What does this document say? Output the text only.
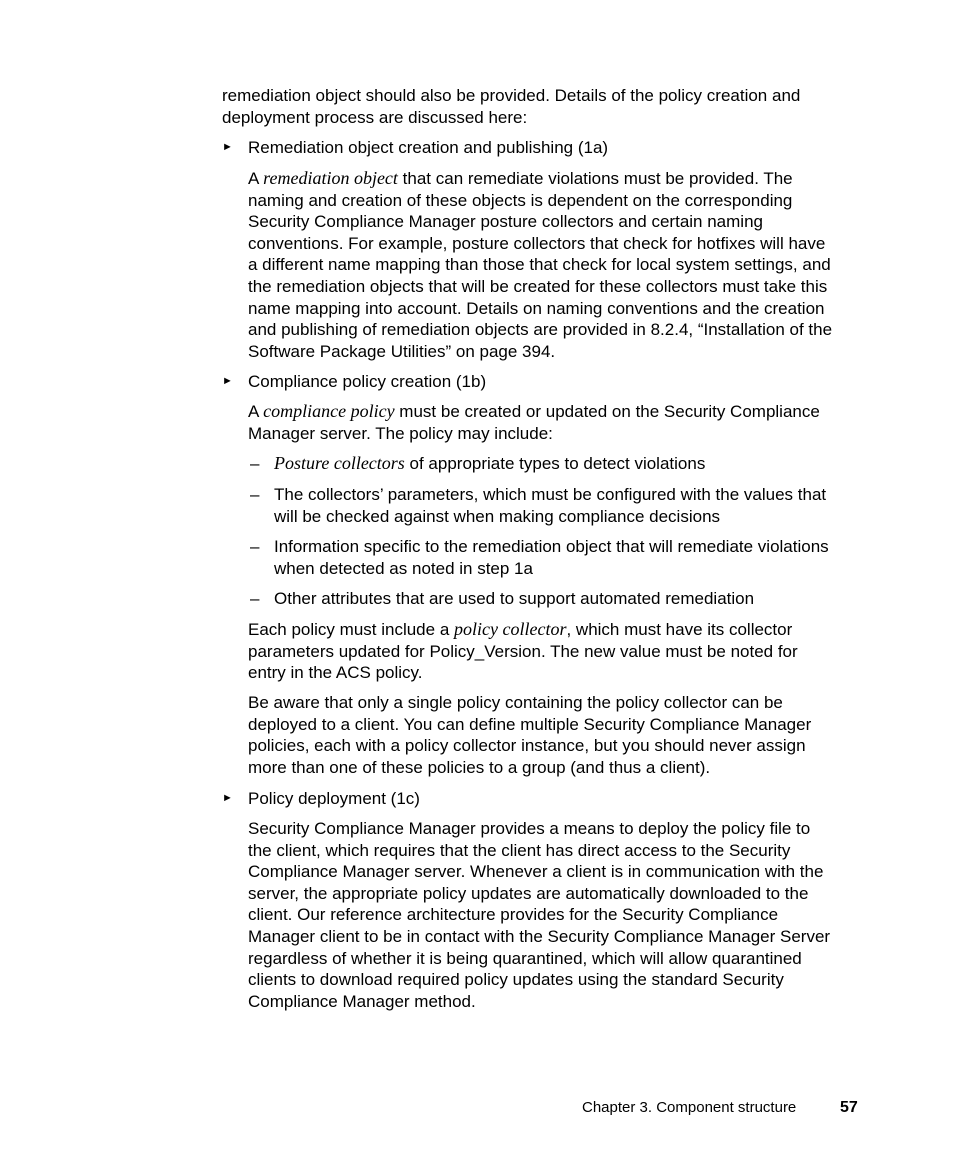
remediation object should also be provided. Details of the policy creation and
deployment process are discussed here:
► Remediation object creation and publishing (1a)
A remediation object that can remediate violations must be provided. The
naming and creation of these objects is dependent on the corresponding
Security Compliance Manager posture collectors and certain naming
conventions. For example, posture collectors that check for hotfixes will have
a different name mapping than those that check for local system settings, and
the remediation objects that will be created for these collectors must take this
name mapping into account. Details on naming conventions and the creation
and publishing of remediation objects are provided in 8.2.4, “Installation of the
Software Package Utilities” on page 394.
► Compliance policy creation (1b)
A compliance policy must be created or updated on the Security Compliance
Manager server. The policy may include:
– Posture collectors of appropriate types to detect violations
– The collectors’ parameters, which must be configured with the values that
will be checked against when making compliance decisions
– Information specific to the remediation object that will remediate violations
when detected as noted in step 1a
– Other attributes that are used to support automated remediation
Each policy must include a policy collector, which must have its collector
parameters updated for Policy_Version. The new value must be noted for
entry in the ACS policy.
Be aware that only a single policy containing the policy collector can be
deployed to a client. You can define multiple Security Compliance Manager
policies, each with a policy collector instance, but you should never assign
more than one of these policies to a group (and thus a client).
► Policy deployment (1c)
Security Compliance Manager provides a means to deploy the policy file to
the client, which requires that the client has direct access to the Security
Compliance Manager server. Whenever a client is in communication with the
server, the appropriate policy updates are automatically downloaded to the
client. Our reference architecture provides for the Security Compliance
Manager client to be in contact with the Security Compliance Manager Server
regardless of whether it is being quarantined, which will allow quarantined
clients to download required policy updates using the standard Security
Compliance Manager method.
Chapter 3. Component structure	57
